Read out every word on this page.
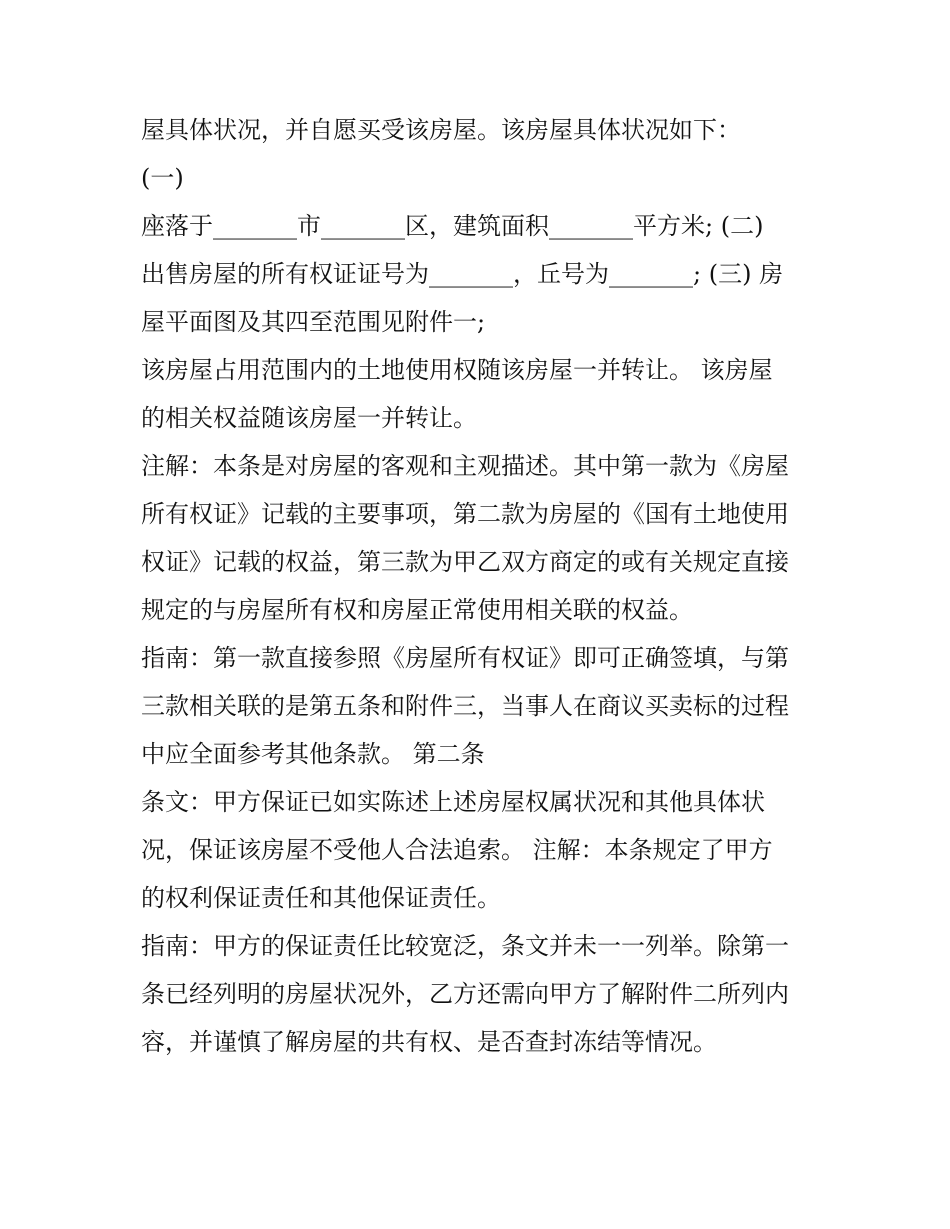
屋具体状况，并自愿买受该房屋。该房屋具体状况如下：

(一)

座落于_______市_______区，建筑面积_______平方米; (二)

出售房屋的所有权证证号为_______，丘号为_______; (三) 房

屋平面图及其四至范围见附件一;

该房屋占用范围内的土地使用权随该房屋一并转让。 该房屋

的相关权益随该房屋一并转让。

注解：本条是对房屋的客观和主观描述。其中第一款为《房屋

所有权证》记载的主要事项，第二款为房屋的《国有土地使用

权证》记载的权益，第三款为甲乙双方商定的或有关规定直接

规定的与房屋所有权和房屋正常使用相关联的权益。

指南：第一款直接参照《房屋所有权证》即可正确签填，与第

三款相关联的是第五条和附件三，当事人在商议买卖标的过程

中应全面参考其他条款。 第二条

条文：甲方保证已如实陈述上述房屋权属状况和其他具体状

况，保证该房屋不受他人合法追索。 注解：本条规定了甲方

的权利保证责任和其他保证责任。

指南：甲方的保证责任比较宽泛，条文并未一一列举。除第一

条已经列明的房屋状况外，乙方还需向甲方了解附件二所列内

容，并谨慎了解房屋的共有权、是否查封冻结等情况。
